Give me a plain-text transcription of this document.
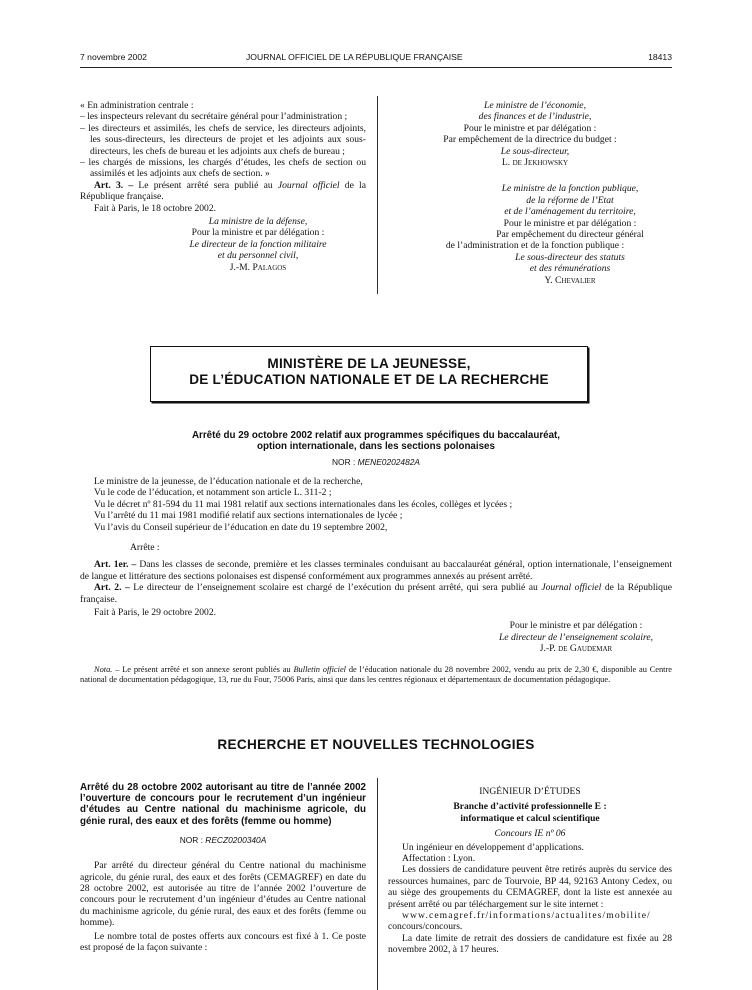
7 novembre 2002	JOURNAL OFFICIEL DE LA RÉPUBLIQUE FRANÇAISE	18413

« En administration centrale :

– les inspecteurs relevant du secrétaire général pour l’administration ;

– les directeurs et assimilés, les chefs de service, les directeurs adjoints, les sous-directeurs, les directeurs de projet et les adjoints aux sous-directeurs, les chefs de bureau et les adjoints aux chefs de bureau ;

– les chargés de missions, les chargés d’études, les chefs de section ou assimilés et les adjoints aux chefs de section. »

Art. 3. – Le présent arrêté sera publié au Journal officiel de la République française.

Fait à Paris, le 18 octobre 2002.

La ministre de la défense,

Pour la ministre et par délégation :

Le directeur de la fonction militaire

et du personnel civil,

J.-M. Palagos

Le ministre de l’économie,

des finances et de l’industrie,

Pour le ministre et par délégation :

Par empêchement de la directrice du budget :

Le sous-directeur,

L. de Jekhowsky

Le ministre de la fonction publique,

de la réforme de l’Etat

et de l’aménagement du territoire,

Pour le ministre et par délégation :

Par empêchement du directeur général

de l’administration et de la fonction publique :

Le sous-directeur des statuts

et des rémunérations

Y. Chevalier

MINISTÈRE DE LA JEUNESSE,
DE L’ÉDUCATION NATIONALE ET DE LA RECHERCHE
Arrêté du 29 octobre 2002 relatif aux programmes spécifiques du baccalauréat,
option internationale, dans les sections polonaises
NOR : MENE0202482A

Le ministre de la jeunesse, de l’éducation nationale et de la recherche,

Vu le code de l’éducation, et notamment son article L. 311-2 ;

Vu le décret nº 81-594 du 11 mai 1981 relatif aux sections internationales dans les écoles, collèges et lycées ;

Vu l’arrêté du 11 mai 1981 modifié relatif aux sections internationales de lycée ;

Vu l’avis du Conseil supérieur de l’éducation en date du 19 septembre 2002,

Arrête :

Art. 1er. – Dans les classes de seconde, première et les classes terminales conduisant au baccalauréat général, option internationale, l’enseignement de langue et littérature des sections polonaises est dispensé conformément aux programmes annexés au présent arrêté.

Art. 2. – Le directeur de l’enseignement scolaire est chargé de l’exécution du présent arrêté, qui sera publié au Journal officiel de la République française.

Fait à Paris, le 29 octobre 2002.

Pour le ministre et par délégation :

Le directeur de l’enseignement scolaire,

J.-P. de Gaudemar

Nota. – Le présent arrêté et son annexe seront publiés au Bulletin officiel de l’éducation nationale du 28 novembre 2002, vendu au prix de 2,30 €, disponible au Centre national de documentation pédagogique, 13, rue du Four, 75006 Paris, ainsi que dans les centres régionaux et départementaux de documentation pédagogique.

RECHERCHE ET NOUVELLES TECHNOLOGIES

Arrêté du 28 octobre 2002 autorisant au titre de l’année 2002 l’ouverture de concours pour le recrutement d’un ingénieur d’études au Centre national du machinisme agricole, du génie rural, des eaux et des forêts (femme ou homme)

NOR : RECZ0200340A

Par arrêté du directeur général du Centre national du machinisme agricole, du génie rural, des eaux et des forêts (CEMAGREF) en date du 28 octobre 2002, est autorisée au titre de l’année 2002 l’ouverture de concours pour le recrutement d’un ingénieur d’études au Centre national du machinisme agricole, du génie rural, des eaux et des forêts (femme ou homme).

Le nombre total de postes offerts aux concours est fixé à 1. Ce poste est proposé de la façon suivante :

INGÉNIEUR D’ÉTUDES

Branche d’activité professionnelle E :

informatique et calcul scientifique

Concours IE nº 06

Un ingénieur en développement d’applications.

Affectation : Lyon.

Les dossiers de candidature peuvent être retirés auprès du service des ressources humaines, parc de Tourvoie, BP 44, 92163 Antony Cedex, ou au siège des groupements du CEMAGREF, dont la liste est annexée au présent arrêté ou par téléchargement sur le site internet :

www.cemagref.fr/informations/actualites/mobilite/

concours/concours.

La date limite de retrait des dossiers de candidature est fixée au 28 novembre 2002, à 17 heures.
